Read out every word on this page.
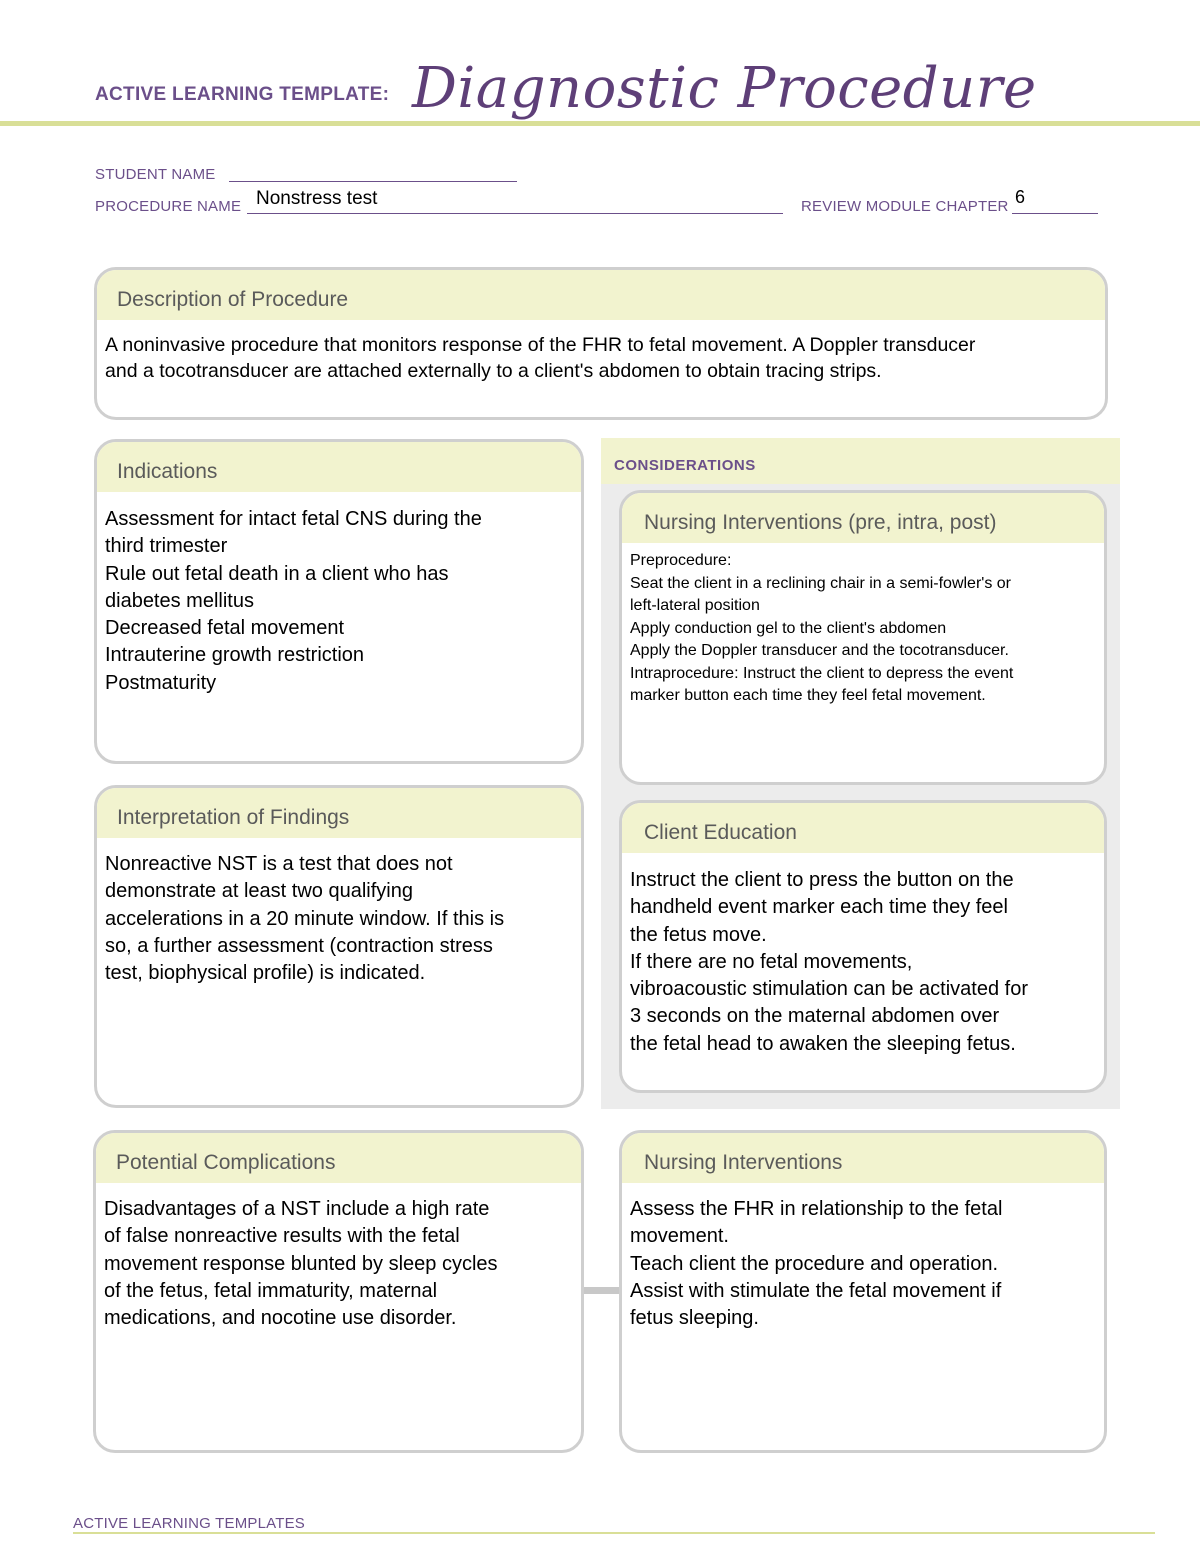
ACTIVE LEARNING TEMPLATE: Diagnostic Procedure
STUDENT NAME
PROCEDURE NAME Nonstress test	REVIEW MODULE CHAPTER 6
Description of Procedure
A noninvasive procedure that monitors response of the FHR to fetal movement. A Doppler transducer
and a tocotransducer are attached externally to a client's abdomen to obtain tracing strips.
CONSIDERATIONS
Indications
Assessment for intact fetal CNS during the
third trimester
Rule out fetal death in a client who has
diabetes mellitus
Decreased fetal movement
Intrauterine growth restriction
Postmaturity
Nursing Interventions (pre, intra, post)
Preprocedure:
Seat the client in a reclining chair in a semi-fowler's or
left-lateral position
Apply conduction gel to the client's abdomen
Apply the Doppler transducer and the tocotransducer.
Intraprocedure: Instruct the client to depress the event
marker button each time they feel fetal movement.
Interpretation of Findings
Nonreactive NST is a test that does not
demonstrate at least two qualifying
accelerations in a 20 minute window. If this is
so, a further assessment (contraction stress
test, biophysical profile) is indicated.
Client Education
Instruct the client to press the button on the
handheld event marker each time they feel
the fetus move.
If there are no fetal movements,
vibroacoustic stimulation can be activated for
3 seconds on the maternal abdomen over
the fetal head to awaken the sleeping fetus.
Potential Complications
Disadvantages of a NST include a high rate
of false nonreactive results with the fetal
movement response blunted by sleep cycles
of the fetus, fetal immaturity, maternal
medications, and nocotine use disorder.
Nursing Interventions
Assess the FHR in relationship to the fetal
movement.
Teach client the procedure and operation.
Assist with stimulate the fetal movement if
fetus sleeping.
ACTIVE LEARNING TEMPLATES
